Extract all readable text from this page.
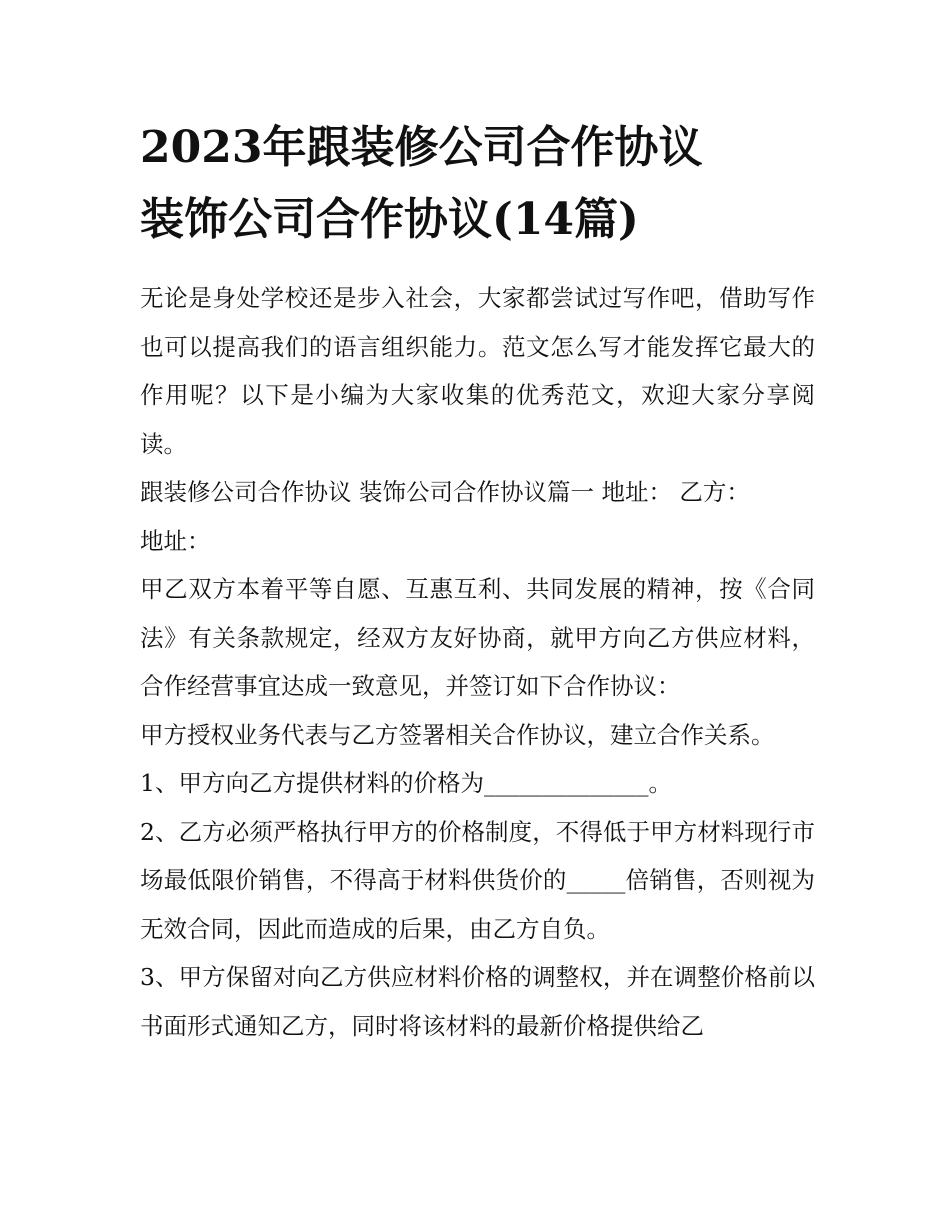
2023年跟装修公司合作协议
装饰公司合作协议(14篇)

无论是身处学校还是步入社会，大家都尝试过写作吧，借助写作也可以提高我们的语言组织能力。范文怎么写才能发挥它最大的作用呢？以下是小编为大家收集的优秀范文，欢迎大家分享阅读。

跟装修公司合作协议 装饰公司合作协议篇一 地址： 乙方：

地址：

甲乙双方本着平等自愿、互惠互利、共同发展的精神，按《合同法》有关条款规定，经双方友好协商，就甲方向乙方供应材料，合作经营事宜达成一致意见，并签订如下合作协议：

甲方授权业务代表与乙方签署相关合作协议，建立合作关系。

1、甲方向乙方提供材料的价格为______________。

2、乙方必须严格执行甲方的价格制度，不得低于甲方材料现行市场最低限价销售，不得高于材料供货价的_____倍销售，否则视为无效合同，因此而造成的后果，由乙方自负。

3、甲方保留对向乙方供应材料价格的调整权，并在调整价格前以书面形式通知乙方，同时将该材料的最新价格提供给乙
